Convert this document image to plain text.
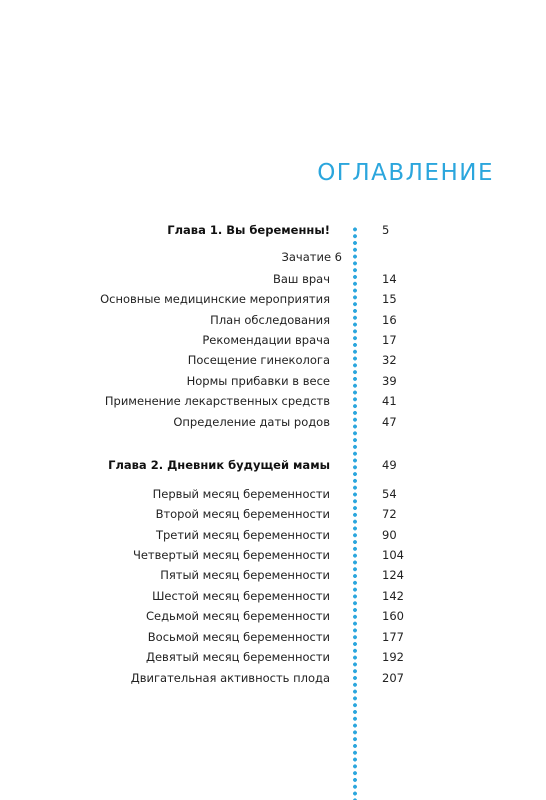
ОГЛАВЛЕНИЕ
Глава 1. Вы беременны!	5
Зачатие 6
Ваш врач	14
Основные медицинские мероприятия	15
План обследования	16
Рекомендации врача	17
Посещение гинеколога	32
Нормы прибавки в весе	39
Применение лекарственных средств	41
Определение даты родов	47
Глава 2. Дневник будущей мамы	49
Первый месяц беременности	54
Второй месяц беременности	72
Третий месяц беременности	90
Четвертый месяц беременности	104
Пятый месяц беременности	124
Шестой месяц беременности	142
Седьмой месяц беременности	160
Восьмой месяц беременности	177
Девятый месяц беременности	192
Двигательная активность плода	207
